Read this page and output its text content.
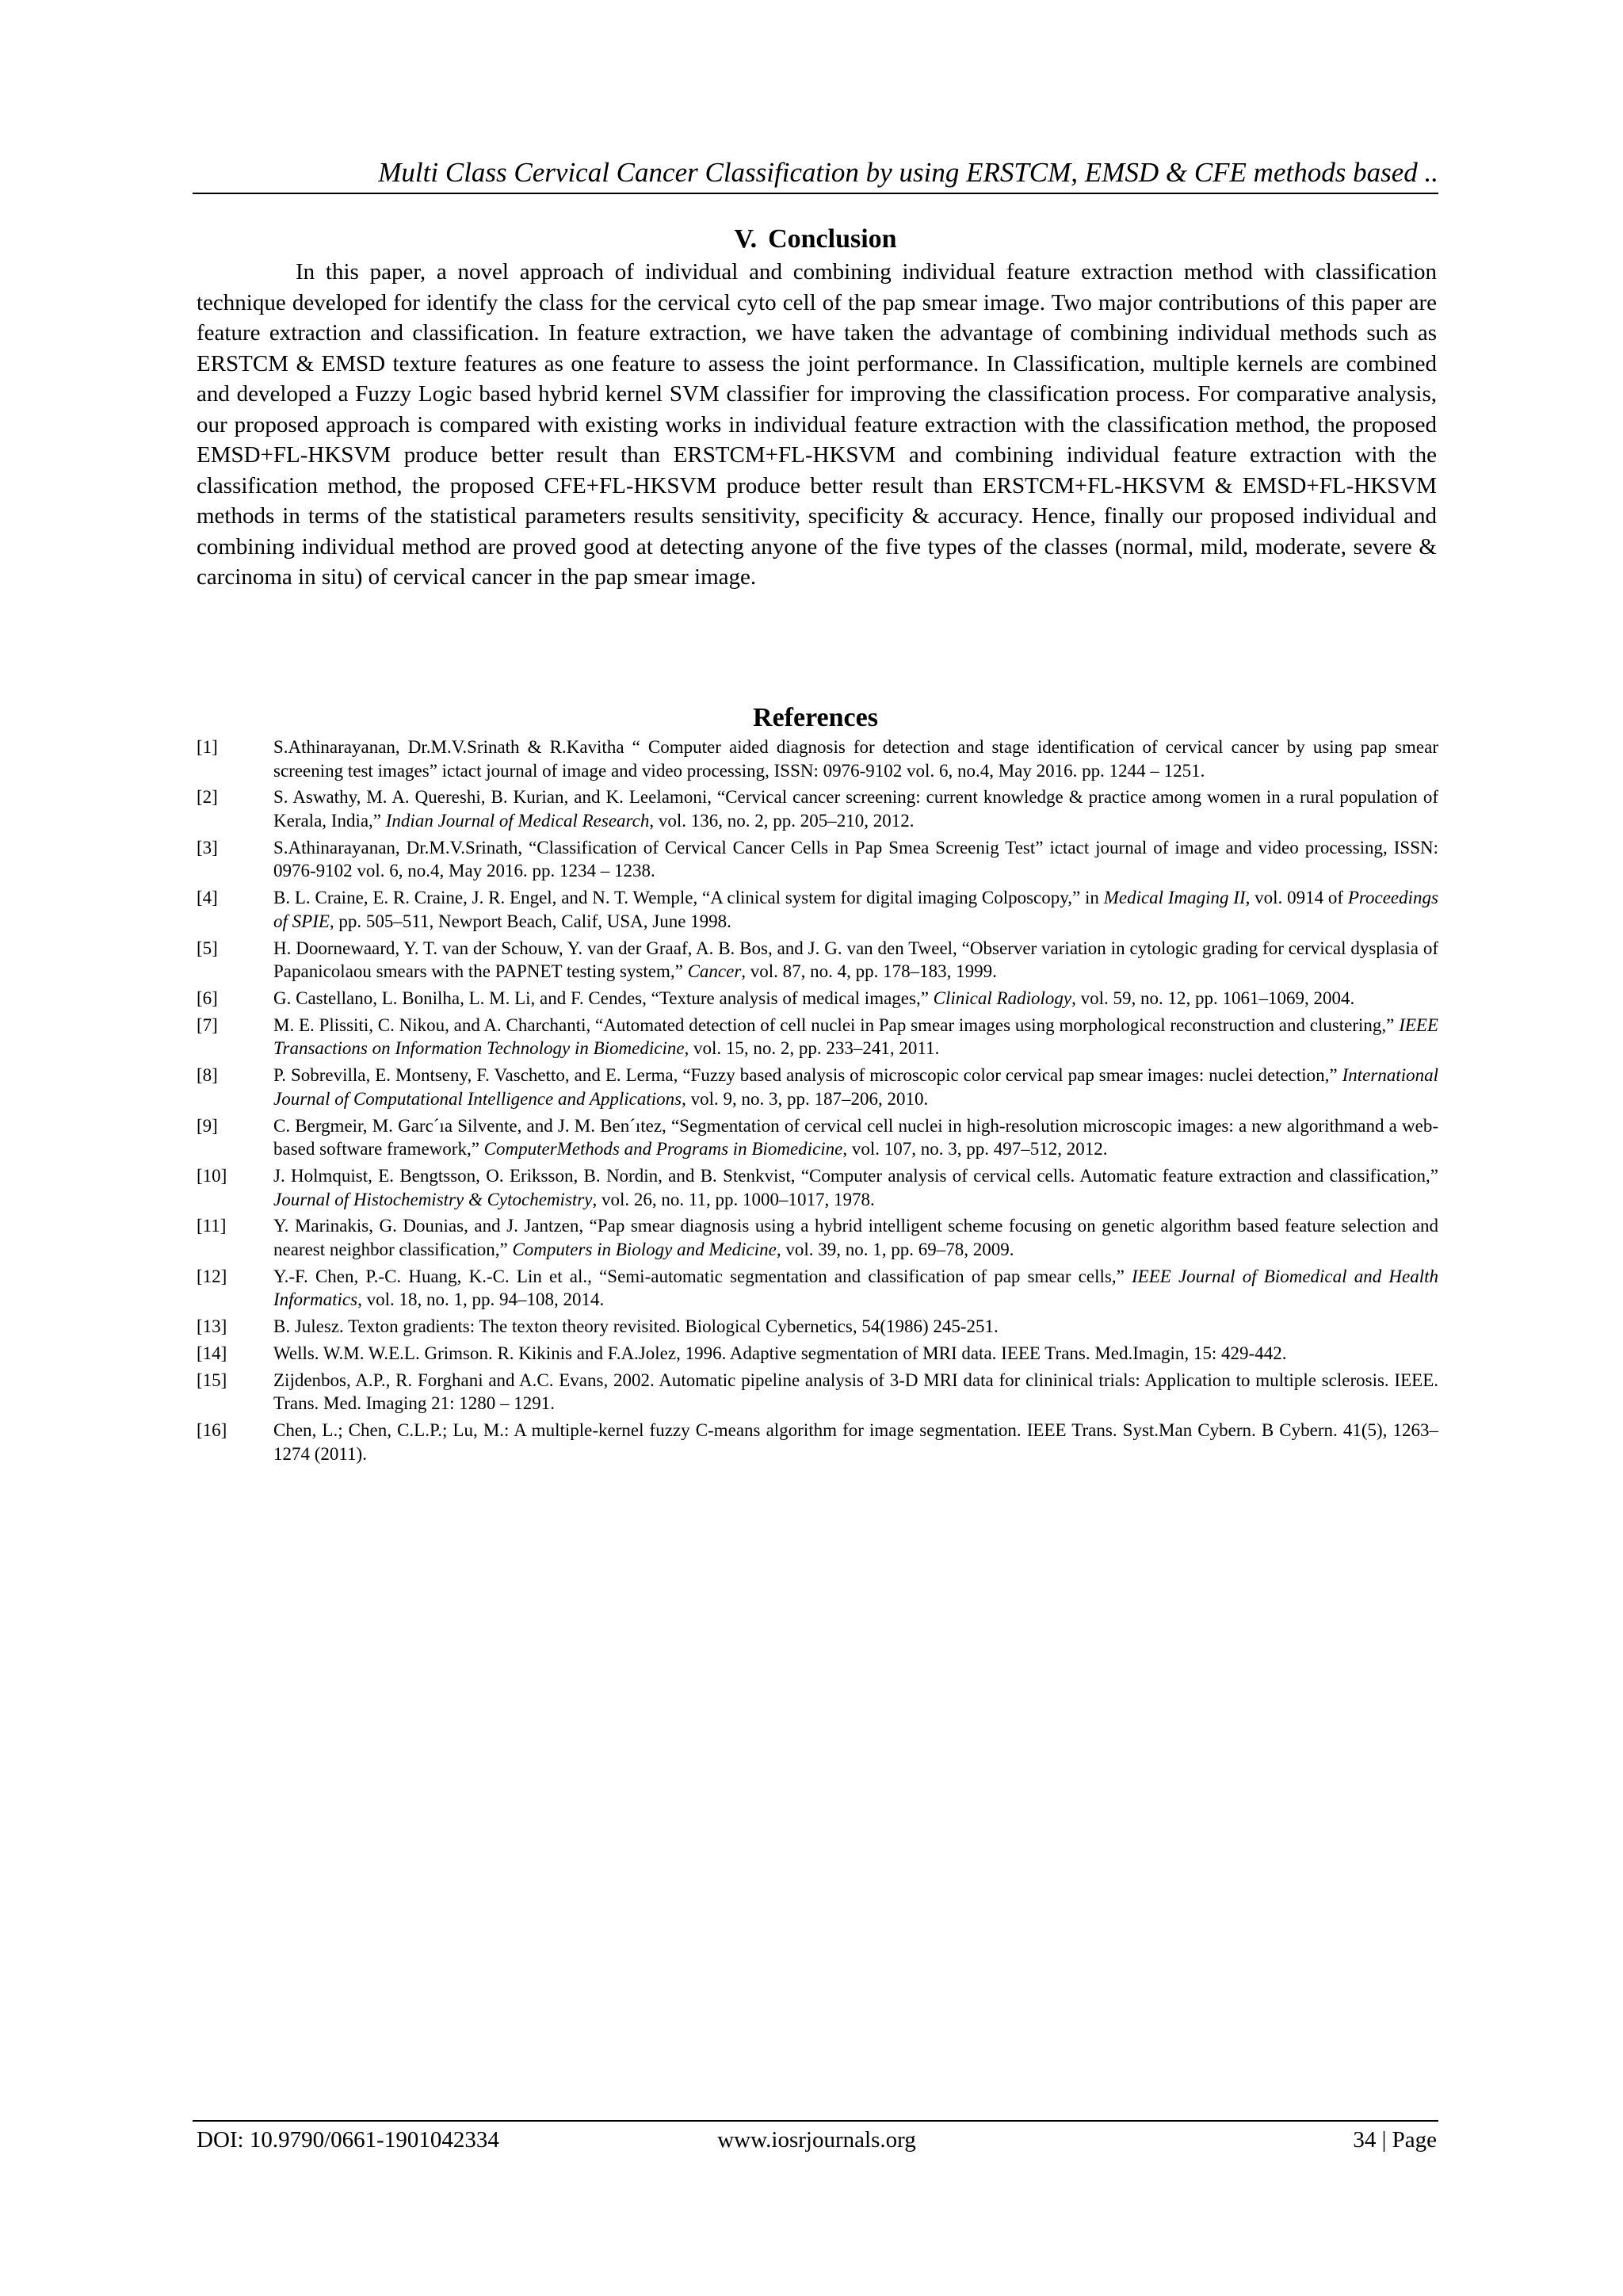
Multi Class Cervical Cancer Classification by using ERSTCM, EMSD & CFE methods based ..
V. Conclusion

In this paper, a novel approach of individual and combining individual feature extraction method with classification technique developed for identify the class for the cervical cyto cell of the pap smear image. Two major contributions of this paper are feature extraction and classification. In feature extraction, we have taken the advantage of combining individual methods such as ERSTCM & EMSD texture features as one feature to assess the joint performance. In Classification, multiple kernels are combined and developed a Fuzzy Logic based hybrid kernel SVM classifier for improving the classification process. For comparative analysis, our proposed approach is compared with existing works in individual feature extraction with the classification method, the proposed EMSD+FL-HKSVM produce better result than ERSTCM+FL-HKSVM and combining individual feature extraction with the classification method, the proposed CFE+FL-HKSVM produce better result than ERSTCM+FL-HKSVM & EMSD+FL-HKSVM methods in terms of the statistical parameters results sensitivity, specificity & accuracy. Hence, finally our proposed individual and combining individual method are proved good at detecting anyone of the five types of the classes (normal, mild, moderate, severe & carcinoma in situ) of cervical cancer in the pap smear image.

References
[1]	S.Athinarayanan, Dr.M.V.Srinath & R.Kavitha “ Computer aided diagnosis for detection and stage identification of cervical cancer by using pap smear screening test images” ictact journal of image and video processing, ISSN: 0976-9102 vol. 6, no.4, May 2016. pp. 1244 – 1251.
[2]	S. Aswathy, M. A. Quereshi, B. Kurian, and K. Leelamoni, “Cervical cancer screening: current knowledge & practice among women in a rural population of Kerala, India,” Indian Journal of Medical Research, vol. 136, no. 2, pp. 205–210, 2012.
[3]	S.Athinarayanan, Dr.M.V.Srinath, “Classification of Cervical Cancer Cells in Pap Smea Screenig Test” ictact journal of image and video processing, ISSN: 0976-9102 vol. 6, no.4, May 2016. pp. 1234 – 1238.
[4]	B. L. Craine, E. R. Craine, J. R. Engel, and N. T. Wemple, “A clinical system for digital imaging Colposcopy,” in Medical Imaging II, vol. 0914 of Proceedings of SPIE, pp. 505–511, Newport Beach, Calif, USA, June 1998.
[5]	H. Doornewaard, Y. T. van der Schouw, Y. van der Graaf, A. B. Bos, and J. G. van den Tweel, “Observer variation in cytologic grading for cervical dysplasia of Papanicolaou smears with the PAPNET testing system,” Cancer, vol. 87, no. 4, pp. 178–183, 1999.
[6]	G. Castellano, L. Bonilha, L. M. Li, and F. Cendes, “Texture analysis of medical images,” Clinical Radiology, vol. 59, no. 12, pp. 1061–1069, 2004.
[7]	M. E. Plissiti, C. Nikou, and A. Charchanti, “Automated detection of cell nuclei in Pap smear images using morphological reconstruction and clustering,” IEEE Transactions on Information Technology in Biomedicine, vol. 15, no. 2, pp. 233–241, 2011.
[8]	P. Sobrevilla, E. Montseny, F. Vaschetto, and E. Lerma, “Fuzzy based analysis of microscopic color cervical pap smear images: nuclei detection,” International Journal of Computational Intelligence and Applications, vol. 9, no. 3, pp. 187–206, 2010.
[9]	C. Bergmeir, M. Garc´ıa Silvente, and J. M. Ben´ıtez, “Segmentation of cervical cell nuclei in high-resolution microscopic images: a new algorithmand a web-based software framework,” ComputerMethods and Programs in Biomedicine, vol. 107, no. 3, pp. 497–512, 2012.
[10]	J. Holmquist, E. Bengtsson, O. Eriksson, B. Nordin, and B. Stenkvist, “Computer analysis of cervical cells. Automatic feature extraction and classification,” Journal of Histochemistry & Cytochemistry, vol. 26, no. 11, pp. 1000–1017, 1978.
[11]	Y. Marinakis, G. Dounias, and J. Jantzen, “Pap smear diagnosis using a hybrid intelligent scheme focusing on genetic algorithm based feature selection and nearest neighbor classification,” Computers in Biology and Medicine, vol. 39, no. 1, pp. 69–78, 2009.
[12]	Y.-F. Chen, P.-C. Huang, K.-C. Lin et al., “Semi-automatic segmentation and classification of pap smear cells,” IEEE Journal of Biomedical and Health Informatics, vol. 18, no. 1, pp. 94–108, 2014.
[13]	B. Julesz. Texton gradients: The texton theory revisited. Biological Cybernetics, 54(1986) 245-251.
[14]	Wells. W.M. W.E.L. Grimson. R. Kikinis and F.A.Jolez, 1996. Adaptive segmentation of MRI data. IEEE Trans. Med.Imagin, 15: 429-442.
[15]	Zijdenbos, A.P., R. Forghani and A.C. Evans, 2002. Automatic pipeline analysis of 3-D MRI data for clininical trials: Application to multiple sclerosis. IEEE. Trans. Med. Imaging 21: 1280 – 1291.
[16]	Chen, L.; Chen, C.L.P.; Lu, M.: A multiple-kernel fuzzy C-means algorithm for image segmentation. IEEE Trans. Syst.Man Cybern. B Cybern. 41(5), 1263–1274 (2011).
DOI: 10.9790/0661-1901042334	www.iosrjournals.org	34 | Page
